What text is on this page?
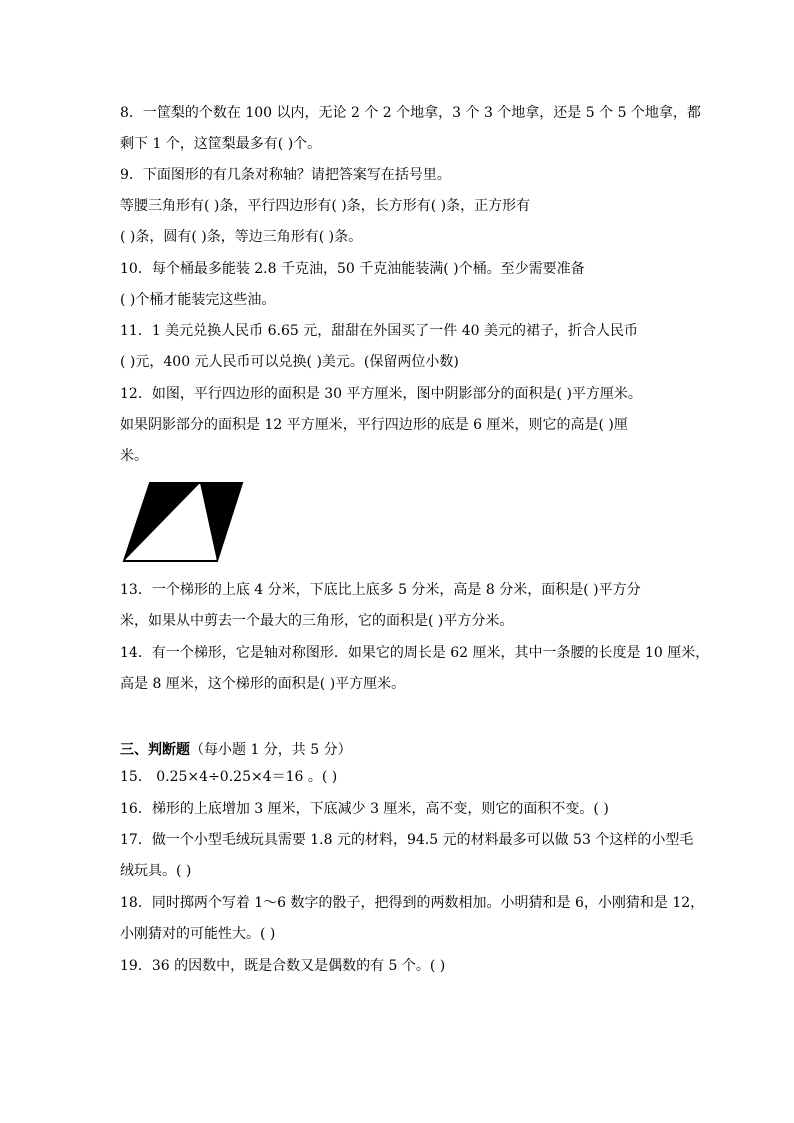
8．一筐梨的个数在 100 以内，无论 2 个 2 个地拿，3 个 3 个地拿，还是 5 个 5 个地拿，都
剩下 1 个，这筐梨最多有( )个。
9．下面图形的有几条对称轴？请把答案写在括号里。
等腰三角形有( )条，平行四边形有( )条，长方形有( )条，正方形有
( )条，圆有( )条，等边三角形有( )条。
10．每个桶最多能装 2.8 千克油，50 千克油能装满( )个桶。至少需要准备
( )个桶才能装完这些油。
11．1 美元兑换人民币 6.65 元，甜甜在外国买了一件 40 美元的裙子，折合人民币
( )元，400 元人民币可以兑换( )美元。(保留两位小数)
12．如图，平行四边形的面积是 30 平方厘米，图中阴影部分的面积是( )平方厘米。
如果阴影部分的面积是 12 平方厘米，平行四边形的底是 6 厘米，则它的高是( )厘
米。
13．一个梯形的上底 4 分米，下底比上底多 5 分米，高是 8 分米，面积是( )平方分
米，如果从中剪去一个最大的三角形，它的面积是( )平方分米。
14．有一个梯形，它是轴对称图形．如果它的周长是 62 厘米，其中一条腰的长度是 10 厘米，
高是 8 厘米，这个梯形的面积是( )平方厘米。
三、判断题（每小题 1 分，共 5 分）
15． 0.25×4÷0.25×4＝16 。( )
16．梯形的上底增加 3 厘米，下底减少 3 厘米，高不变，则它的面积不变。( )
17．做一个小型毛绒玩具需要 1.8 元的材料，94.5 元的材料最多可以做 53 个这样的小型毛
绒玩具。( )
18．同时掷两个写着 1～6 数字的骰子，把得到的两数相加。小明猜和是 6，小刚猜和是 12，
小刚猜对的可能性大。( )
19．36 的因数中，既是合数又是偶数的有 5 个。( )
